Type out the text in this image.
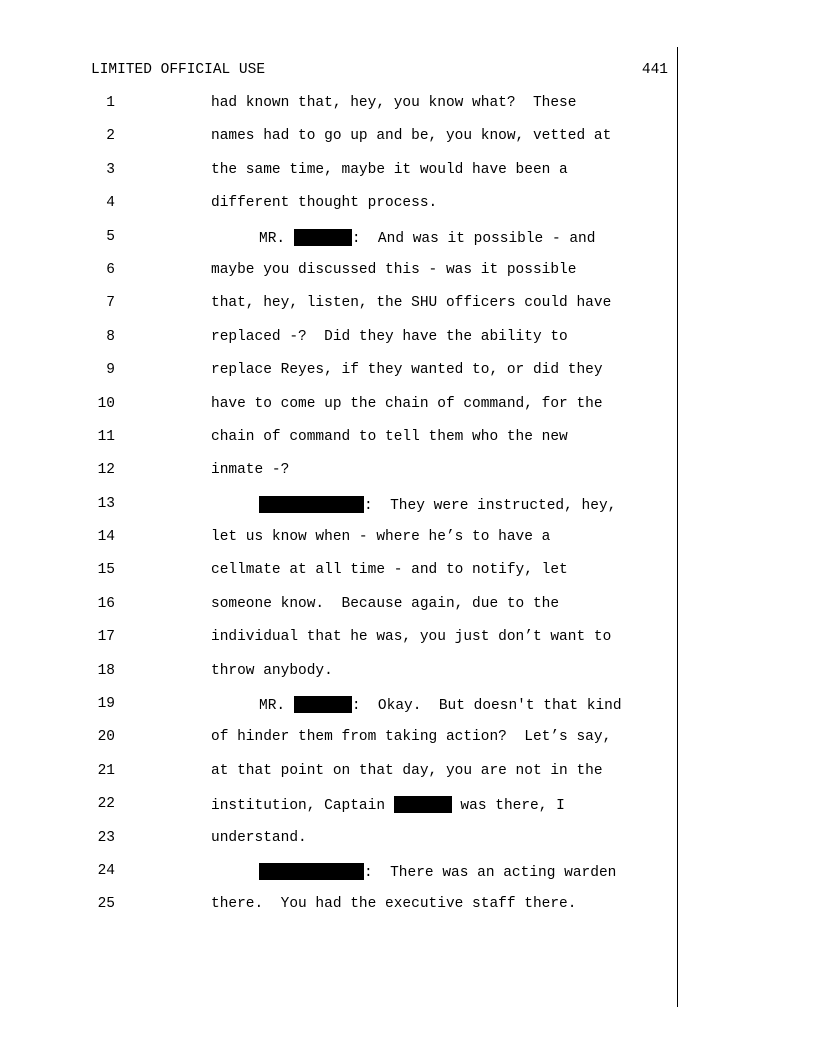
LIMITED OFFICIAL USE	441
1	had known that, hey, you know what?  These
2	names had to go up and be, you know, vetted at
3	the same time, maybe it would have been a
4	different thought process.
5	MR.	:  And was it possible - and
6	maybe you discussed this - was it possible
7	that, hey, listen, the SHU officers could have
8	replaced -?  Did they have the ability to
9	replace Reyes, if they wanted to, or did they
10	have to come up the chain of command, for the
11	chain of command to tell them who the new
12	inmate -?
13	:  They were instructed, hey,
14	let us know when - where he’s to have a
15	cellmate at all time - and to notify, let
16	someone know.  Because again, due to the
17	individual that he was, you just don’t want to
18	throw anybody.
19	MR.	:  Okay.  But doesn't that kind
20	of hinder them from taking action?  Let’s say,
21	at that point on that day, you are not in the
22	institution, Captain	was there, I
23	understand.
24	:  There was an acting warden
25	there.  You had the executive staff there.
